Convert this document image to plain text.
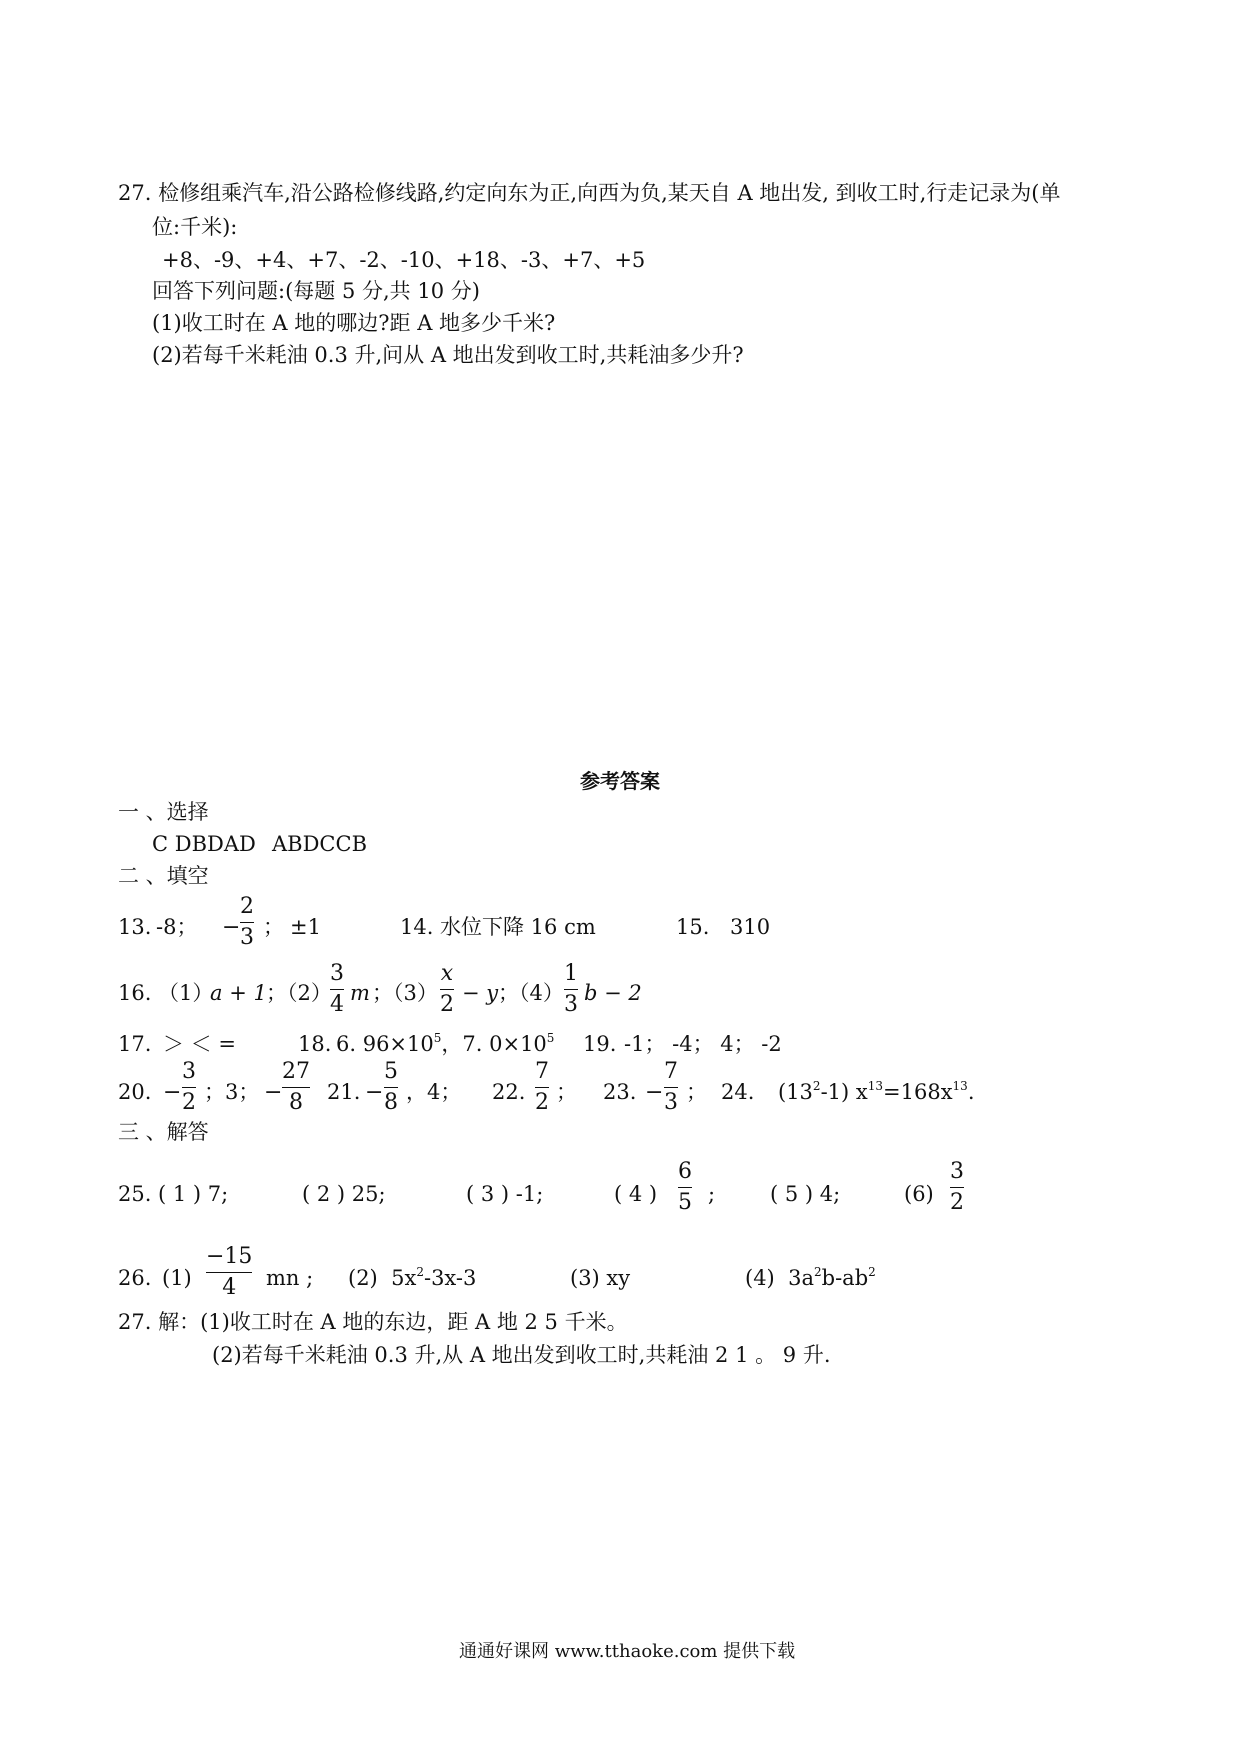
27. 检修组乘汽车,沿公路检修线路,约定向东为正,向西为负,某天自 A 地出发, 到收工时,行走记录为(单
位:千米):
+8、-9、+4、+7、-2、-10、+18、-3、+7、+5
回答下列问题:(每题 5 分,共 10 分)
(1)收工时在 A 地的哪边?距 A 地多少千米?
(2)若每千米耗油 0.3 升,问从 A 地出发到收工时,共耗油多少升?
参考答案
一 、选择
C DBDAD ABDCCB
二 、填空
13. -8； −
2
3 ； ±1	14. 水位下降 16 cm	15. 310
16. （1）
a + 1 ；（2）
3
4 m ；（3）
x
2 − y ；（4）
1
3 b − 2
17. ＞ ＜ =	18. 6. $96\times 10^5$，7. $0\times 10^5$ 19. -1； -4； 4； -2
20. −
3
2 ；3； −
27
8	21. −
5
8 ，4； 22.
7
2 ； 23. −
7
3 ； 24. $(13^2-1)$ $x^{13}=168x^{13}$.
三 、解答
25. ( 1 ) 7;	( 2 ) 25;	( 3 ) -1;	( 4 )
6
5 ;	( 5 ) 4;	(6)
3
2
26. (1)
−15
4	mn ; (2) $5x^2-3x-3$	(3) xy	(4) $3a^2b-ab^2$
27. 解：(1)收工时在 A 地的东边，距 A 地 2 5 千米。
(2)若每千米耗油 0.3 升,从 A 地出发到收工时,共耗油 2 1 。 9 升.
通通好课网 www.tthaoke.com 提供下载
